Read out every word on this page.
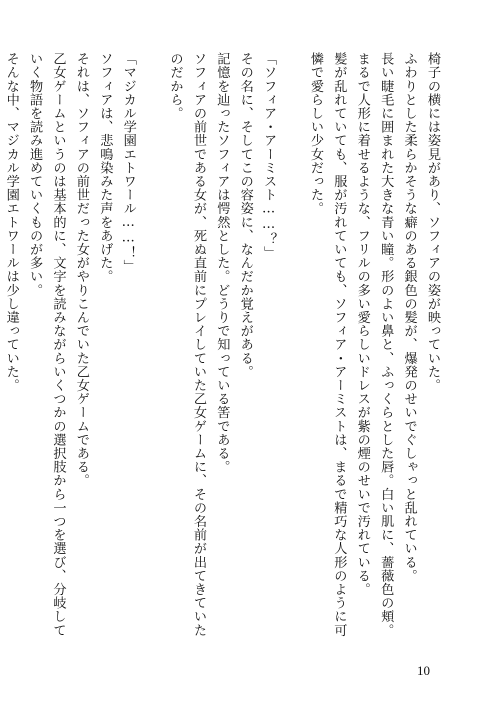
椅子の横には姿見があり、ソフィアの姿が映っていた。
ふわりとした柔らかそうな癖のある銀色の髪が、爆発のせいでぐしゃっと乱れている。
長い睫毛に囲まれた大きな青い瞳。形のよい鼻と、ふっくらとした唇。白い肌に、薔薇色の頬。
まるで人形に着せるような、フリルの多い愛らしいドレスが紫の煙のせいで汚れている。
髪が乱れていても、服が汚れていても、ソフィア・アーミストは、まるで精巧な人形のように可
憐で愛らしい少女だった。
「ソフィア・アーミスト……？」
その名に、そしてこの容姿に、なんだか覚えがある。
記憶を辿ったソフィアは愕然とした。どうりで知っている筈である。
ソフィアの前世である女が、死ぬ直前にプレイしていた乙女ゲームに、その名前が出てきていた
のだから。
「マジカル学園エトワール……！」
ソフィアは、悲鳴染みた声をあげた。
それは、ソフィアの前世だった女がやりこんでいた乙女ゲームである。
乙女ゲームというのは基本的に、文字を読みながらいくつかの選択肢から一つを選び、分岐して
いく物語を読み進めていくものが多い。
そんな中、マジカル学園エトワールは少し違っていた。
10
